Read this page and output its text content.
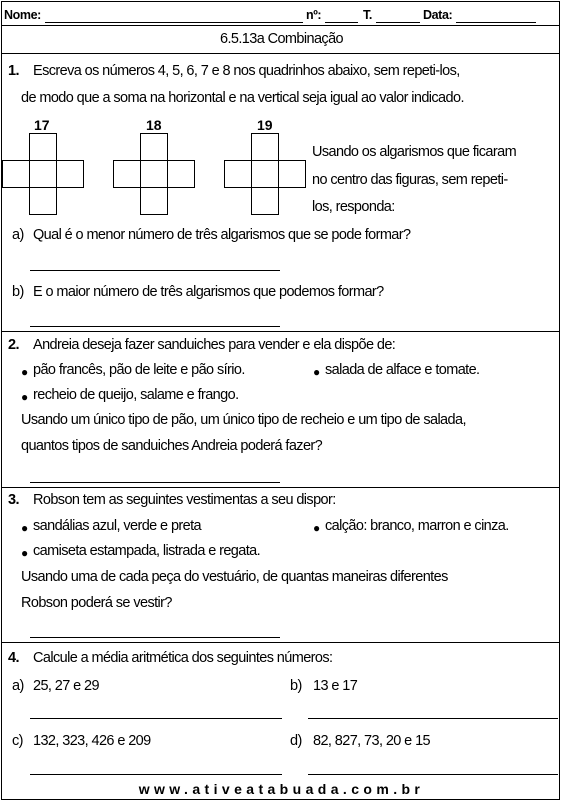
Nome:	nº:	T.	Data:
6.5.13a Combinação
1. Escreva os números 4, 5, 6, 7 e 8 nos quadrinhos abaixo, sem repeti-los,
de modo que a soma na horizontal e na vertical seja igual ao valor indicado.
17	18	19
Usando os algarismos que ficaram
no centro das figuras, sem repeti-
los, responda:
a) Qual é o menor número de três algarismos que se pode formar?
b) E o maior número de três algarismos que podemos formar?
2. Andreia deseja fazer sanduiches para vender e ela dispõe de:
● pão francês, pão de leite e pão sírio.	● salada de alface e tomate.
● recheio de queijo, salame e frango.
Usando um único tipo de pão, um único tipo de recheio e um tipo de salada,
quantos tipos de sanduiches Andreia poderá fazer?
3. Robson tem as seguintes vestimentas a seu dispor:
● sandálias azul, verde e preta	● calção: branco, marron e cinza.
● camiseta estampada, listrada e regata.
Usando uma de cada peça do vestuário, de quantas maneiras diferentes
Robson poderá se vestir?
4. Calcule a média aritmética dos seguintes números:
a) 25, 27 e 29	b) 13 e 17
c) 132, 323, 426 e 209	d) 82, 827, 73, 20 e 15
www.ativeatabuada.com.br
